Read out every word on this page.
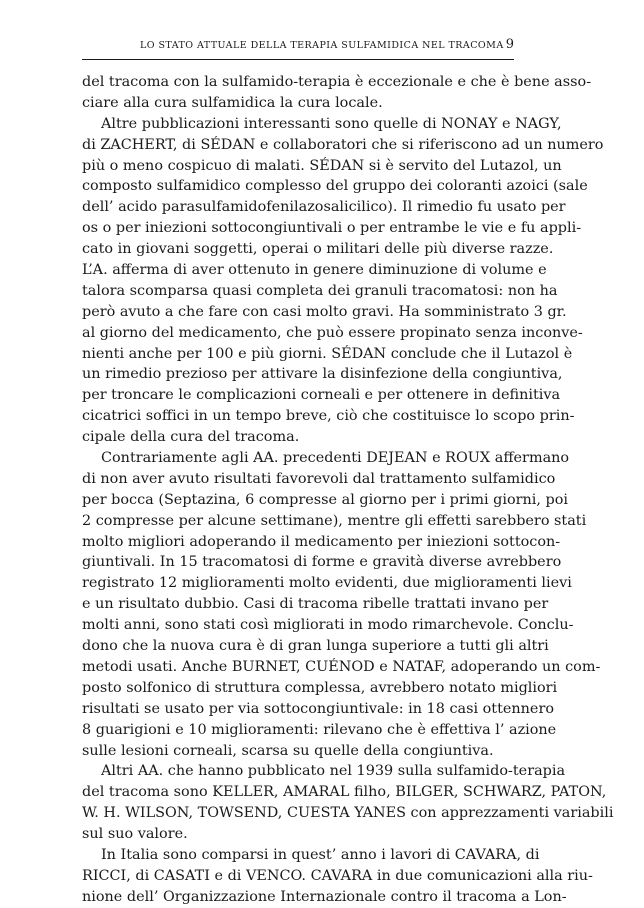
LO STATO ATTUALE DELLA TERAPIA SULFAMIDICA NEL TRACOMA 9
del tracoma con la sulfamido-terapia è eccezionale e che è bene asso-
ciare alla cura sulfamidica la cura locale.
Altre pubblicazioni interessanti sono quelle di NONAY e NAGY,
di ZACHERT, di SÉDAN e collaboratori che si riferiscono ad un numero
più o meno cospicuo di malati. SÉDAN si è servito del Lutazol, un
composto sulfamidico complesso del gruppo dei coloranti azoici (sale
dell’ acido parasulfamidofenilazosalicilico). Il rimedio fu usato per
os o per iniezioni sottocongiuntivali o per entrambe le vie e fu appli-
cato in giovani soggetti, operai o militari delle più diverse razze.
L’A. afferma di aver ottenuto in genere diminuzione di volume e
talora scomparsa quasi completa dei granuli tracomatosi: non ha
però avuto a che fare con casi molto gravi. Ha somministrato 3 gr.
al giorno del medicamento, che può essere propinato senza inconve-
nienti anche per 100 e più giorni. SÉDAN conclude che il Lutazol è
un rimedio prezioso per attivare la disinfezione della congiuntiva,
per troncare le complicazioni corneali e per ottenere in definitiva
cicatrici soffici in un tempo breve, ciò che costituisce lo scopo prin-
cipale della cura del tracoma.
Contrariamente agli AA. precedenti DEJEAN e ROUX affermano
di non aver avuto risultati favorevoli dal trattamento sulfamidico
per bocca (Septazina, 6 compresse al giorno per i primi giorni, poi
2 compresse per alcune settimane), mentre gli effetti sarebbero stati
molto migliori adoperando il medicamento per iniezioni sottocon-
giuntivali. In 15 tracomatosi di forme e gravità diverse avrebbero
registrato 12 miglioramenti molto evidenti, due miglioramenti lievi
e un risultato dubbio. Casi di tracoma ribelle trattati invano per
molti anni, sono stati così migliorati in modo rimarchevole. Conclu-
dono che la nuova cura è di gran lunga superiore a tutti gli altri
metodi usati. Anche BURNET, CUÉNOD e NATAF, adoperando un com-
posto solfonico di struttura complessa, avrebbero notato migliori
risultati se usato per via sottocongiuntivale: in 18 casi ottennero
8 guarigioni e 10 miglioramenti: rilevano che è effettiva l’ azione
sulle lesioni corneali, scarsa su quelle della congiuntiva.
Altri AA. che hanno pubblicato nel 1939 sulla sulfamido-terapia
del tracoma sono KELLER, AMARAL filho, BILGER, SCHWARZ, PATON,
W. H. WILSON, TOWSEND, CUESTA YANES con apprezzamenti variabili
sul suo valore.
In Italia sono comparsi in quest’ anno i lavori di CAVARA, di
RICCI, di CASATI e di VENCO. CAVARA in due comunicazioni alla riu-
nione dell’ Organizzazione Internazionale contro il tracoma a Lon-
